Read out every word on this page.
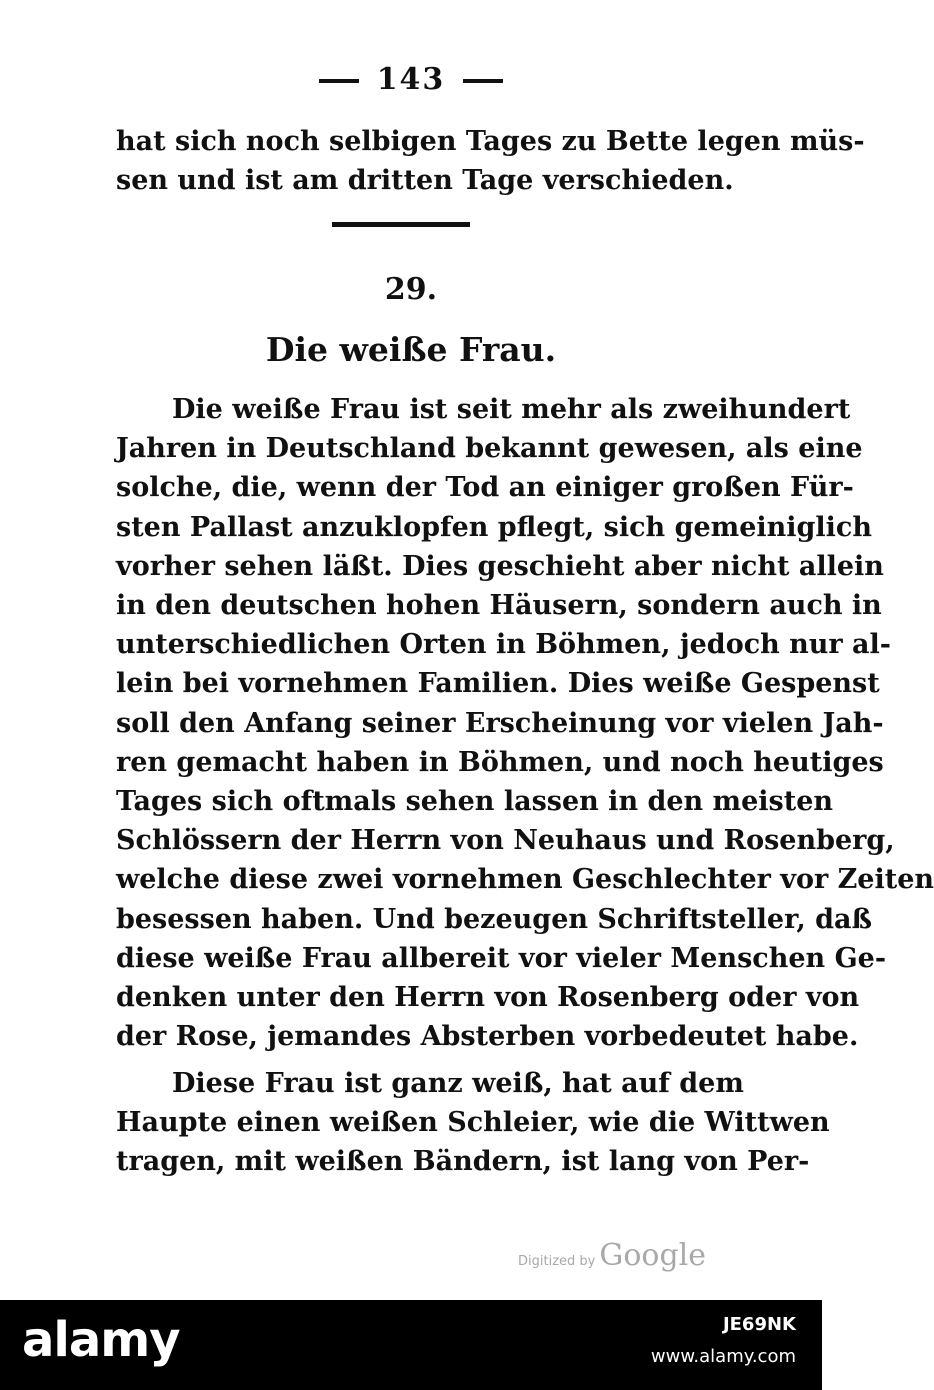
143
hat sich noch selbigen Tages zu Bette legen müs-
sen und ist am dritten Tage verschieden.
29.
Die weiße Frau.
Die weiße Frau ist seit mehr als zweihundert
Jahren in Deutschland bekannt gewesen, als eine
solche, die, wenn der Tod an einiger großen Für-
sten Pallast anzuklopfen pflegt, sich gemeiniglich
vorher sehen läßt. Dies geschieht aber nicht allein
in den deutschen hohen Häusern, sondern auch in
unterschiedlichen Orten in Böhmen, jedoch nur al-
lein bei vornehmen Familien. Dies weiße Gespenst
soll den Anfang seiner Erscheinung vor vielen Jah-
ren gemacht haben in Böhmen, und noch heutiges
Tages sich oftmals sehen lassen in den meisten
Schlössern der Herrn von Neuhaus und Rosenberg,
welche diese zwei vornehmen Geschlechter vor Zeiten
besessen haben. Und bezeugen Schriftsteller, daß
diese weiße Frau allbereit vor vieler Menschen Ge-
denken unter den Herrn von Rosenberg oder von
der Rose, jemandes Absterben vorbedeutet habe.
Diese Frau ist ganz weiß, hat auf dem
Haupte einen weißen Schleier, wie die Wittwen
tragen, mit weißen Bändern, ist lang von Per-
Digitized by Google
alamy	JE69NK
www.alamy.com
